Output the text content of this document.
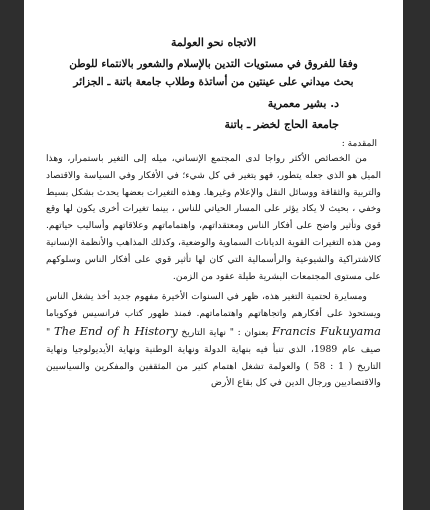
الاتجاه نحو العولمة
وفقا للفروق في مستويات التدين بالإسلام والشعور بالانتماء للوطن
بحث ميداني على عينتين من أساتذة وطلاب جامعة باتنة ـ الجزائر
د. بشير معمرية
جامعة الحاج لخضر ـ باتنة
المقدمة :

من الخصائص الأكثر رواجا لدى المجتمع الإنساني، ميله إلى التغير باستمرار، وهذا الميل هو الذي جعله يتطور، فهو يتغير في كل شيء؛ في الأفكار وفي السياسة والاقتصاد والتربية والثقافة ووسائل النقل والإعلام وغيرها. وهذه التغيرات بعضها يحدث بشكل بسيط وخفي ، بحيث لا يكاد يؤثر على المسار الحياتي للناس ، بينما تغيرات أخرى يكون لها وقع قوي وتأثير واضح على أفكار الناس ومعتقداتهم، واهتماماتهم وعلاقاتهم وأساليب حياتهم. ومن هذه التغيرات القوية الديانات السماوية والوضعية، وكذلك المذاهب والأنظمة الإنسانية كالاشتراكية والشيوعية والرأسمالية التي كان لها تأثير قوي على أفكار الناس وسلوكهم على مستوى المجتمعات البشرية طيلة عقود من الزمن.

ومسايرة لحتمية التغير هذه، ظهر في السنوات الأخيرة مفهوم جديد أخذ يشغل الناس ويستحوذ على أفكارهم واتجاهاتهم واهتماماتهم. فمنذ ظهور كتاب فرانسيس فوكوياما Francis Fukuyama بعنوان : " نهاية التاريخ The End of h History " صيف عام 1989، الذي تنبأ فيه بنهاية الدولة ونهاية الوطنية ونهاية الأيديولوجيا ونهاية التاريخ ( 1 : 58 ) والعولمة تشغل اهتمام كثير من المثقفين والمفكرين والسياسيين والاقتصاديين ورجال الدين في كل بقاع الأرض
